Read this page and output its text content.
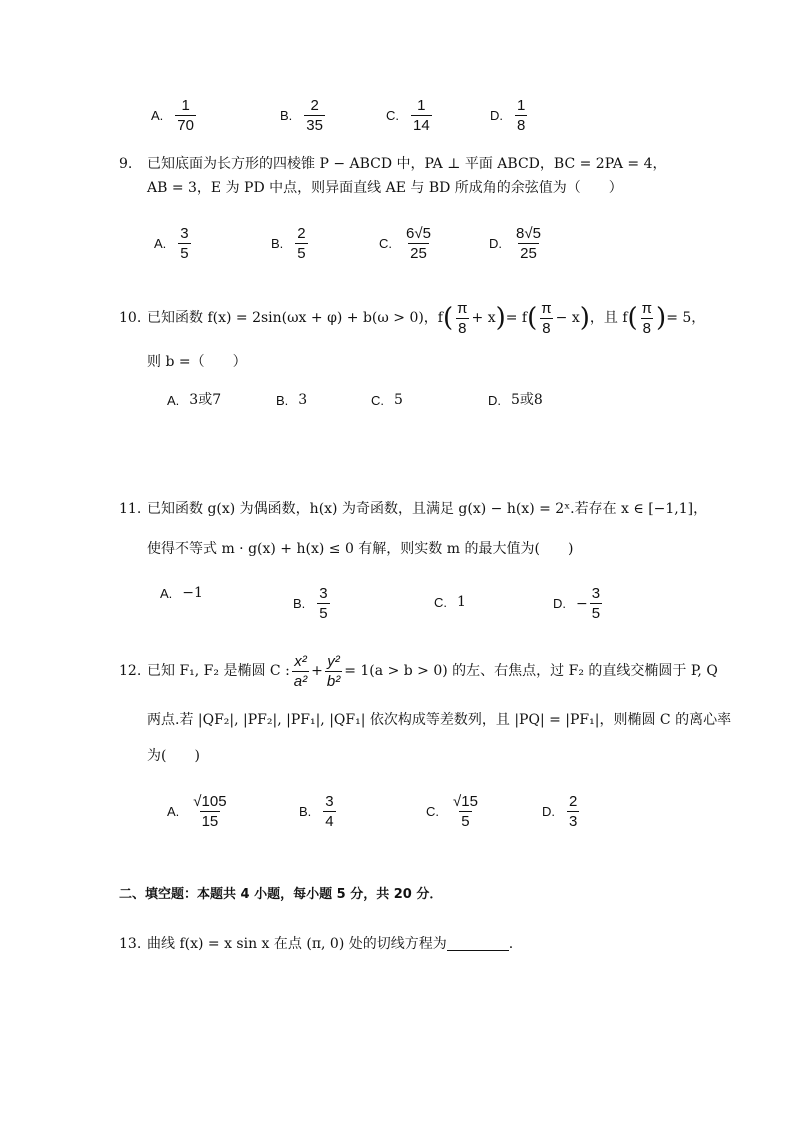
A. $\frac{1}{70}$	B. $\frac{2}{35}$	C. $\frac{1}{14}$	D. $\frac{1}{8}$
9. 已知底面为长方形的四棱锥 P − ABCD 中，PA ⊥ 平面 ABCD，BC = 2PA = 4，
AB = 3，E 为 PD 中点，则异面直线 AE 与 BD 所成角的余弦值为（　　）
A. $\frac{3}{5}$	B. $\frac{2}{5}$	C. $\frac{6√5}{25}$	D. $\frac{8√5}{25}$
10. 已知函数 f(x) = 2sin(ωx + φ) + b(ω > 0)，f ( $\frac{\pi}{8} + x$ ) = f ( $\frac{\pi}{8} - x$ ) ，且 f ( $\frac{\pi}{8}$ ) = 5，
则 b =（　　）
A. 3或7	B. 3	C. 5	D. 5或8
11. 已知函数 g(x) 为偶函数，h(x) 为奇函数，且满足 g(x) − h(x) = 2ˣ.若存在 x ∈ [−1,1]，
使得不等式 m · g(x) + h(x) ≤ 0 有解，则实数 m 的最大值为(　　)
A. −1
B. $\frac{3}{5}$	C. 1	D. − $\frac{3}{5}$
12. 已知 F₁, F₂ 是椭圆 C : $\frac{\text{x²}}{\text{a²}} + \frac{\text{y²}}{\text{b²}} = 1(a > b > 0)$ 的左、右焦点，过 F₂ 的直线交椭圆于 P, Q
两点.若 |QF₂|, |PF₂|, |PF₁|, |QF₁| 依次构成等差数列，且 |PQ| = |PF₁|，则椭圆 C 的离心率
为(　　)
A. $\frac{√105}{15}$	B. $\frac{3}{4}$	C. $\frac{√15}{5}$	D. $\frac{2}{3}$
二、填空题：本题共 4 小题，每小题 5 分，共 20 分．
13. 曲线 f(x) = x sin x 在点 (π, 0) 处的切线方程为	.
